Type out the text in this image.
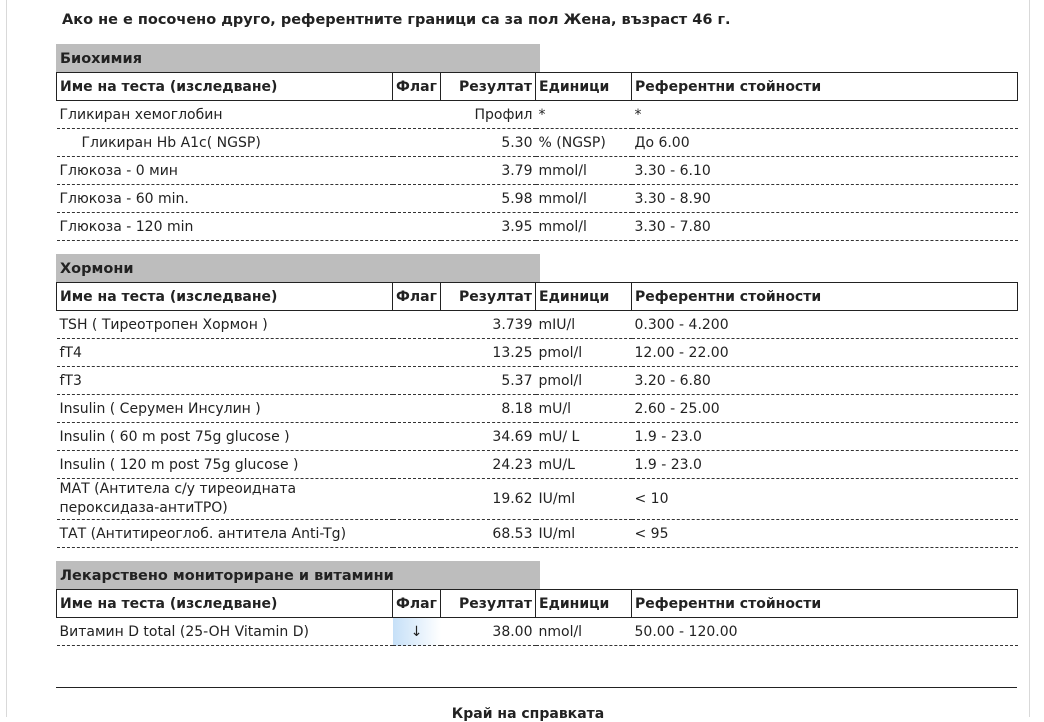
Ако не е посочено друго, референтните граници са за пол Жена, възраст 46 г.
Биохимия
Име на теста (изследване)	Флаг	Резултат	Единици	Референтни стойности
Гликиран хемоглобин		Профил	*	*
Гликиран Hb A1c( NGSP)		5.30	% (NGSP)	До 6.00
Глюкоза - 0 мин		3.79	mmol/l	3.30 - 6.10
Глюкоза - 60 min.		5.98	mmol/l	3.30 - 8.90
Глюкоза - 120 min		3.95	mmol/l	3.30 - 7.80
Хормони
Име на теста (изследване)	Флаг	Резултат	Единици	Референтни стойности
TSH ( Тиреотропен Хормон )		3.739	mIU/l	0.300 - 4.200
fT4		13.25	pmol/l	12.00 - 22.00
fT3		5.37	pmol/l	3.20 - 6.80
Insulin ( Серумен Инсулин )		8.18	mU/l	2.60 - 25.00
Insulin ( 60 m post 75g glucose )		34.69	mU/ L	1.9 - 23.0
Insulin ( 120 m post 75g glucose )		24.23	mU/L	1.9 - 23.0
МАТ (Антитела с/у тиреоидната пероксидаза-антиТРО)		19.62	IU/ml	< 10
ТАТ (Антитиреоглоб. антитела Anti-Tg)		68.53	IU/ml	< 95
Лекарствено мониториране и витамини
Име на теста (изследване)	Флаг	Резултат	Единици	Референтни стойности
Витамин D total (25-OH Vitamin D)	↓	38.00	nmol/l	50.00 - 120.00
Край на справката
